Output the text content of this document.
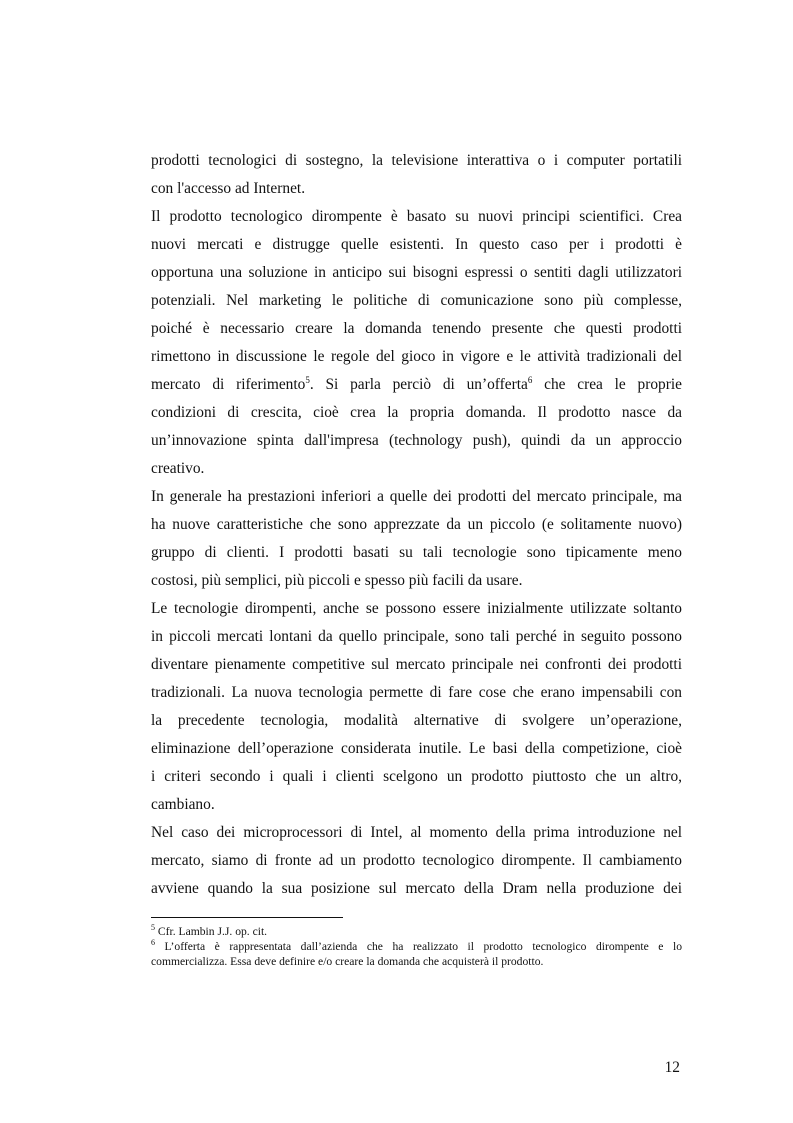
prodotti tecnologici di sostegno, la televisione interattiva o i computer portatili
con l'accesso ad Internet.
Il prodotto tecnologico dirompente è basato su nuovi principi scientifici. Crea
nuovi mercati e distrugge quelle esistenti. In questo caso per i prodotti è
opportuna una soluzione in anticipo sui bisogni espressi o sentiti dagli utilizzatori
potenziali. Nel marketing le politiche di comunicazione sono più complesse,
poiché è necessario creare la domanda tenendo presente che questi prodotti
rimettono in discussione le regole del gioco in vigore e le attività tradizionali del
mercato di riferimento$^5$. Si parla perciò di un’offerta$^6$ che crea le proprie
condizioni di crescita, cioè crea la propria domanda. Il prodotto nasce da
un’innovazione spinta dall'impresa (technology push), quindi da un approccio
creativo.
In generale ha prestazioni inferiori a quelle dei prodotti del mercato principale, ma
ha nuove caratteristiche che sono apprezzate da un piccolo (e solitamente nuovo)
gruppo di clienti. I prodotti basati su tali tecnologie sono tipicamente meno
costosi, più semplici, più piccoli e spesso più facili da usare.
Le tecnologie dirompenti, anche se possono essere inizialmente utilizzate soltanto
in piccoli mercati lontani da quello principale, sono tali perché in seguito possono
diventare pienamente competitive sul mercato principale nei confronti dei prodotti
tradizionali. La nuova tecnologia permette di fare cose che erano impensabili con
la precedente tecnologia, modalità alternative di svolgere un’operazione,
eliminazione dell’operazione considerata inutile. Le basi della competizione, cioè
i criteri secondo i quali i clienti scelgono un prodotto piuttosto che un altro,
cambiano.
Nel caso dei microprocessori di Intel, al momento della prima introduzione nel
mercato, siamo di fronte ad un prodotto tecnologico dirompente. Il cambiamento
avviene quando la sua posizione sul mercato della Dram nella produzione dei
$^5$ Cfr. Lambin J.J. op. cit.
$^6$ L’offerta è rappresentata dall’azienda che ha realizzato il prodotto tecnologico dirompente e lo
commercializza. Essa deve definire e/o creare la domanda che acquisterà il prodotto.
12
